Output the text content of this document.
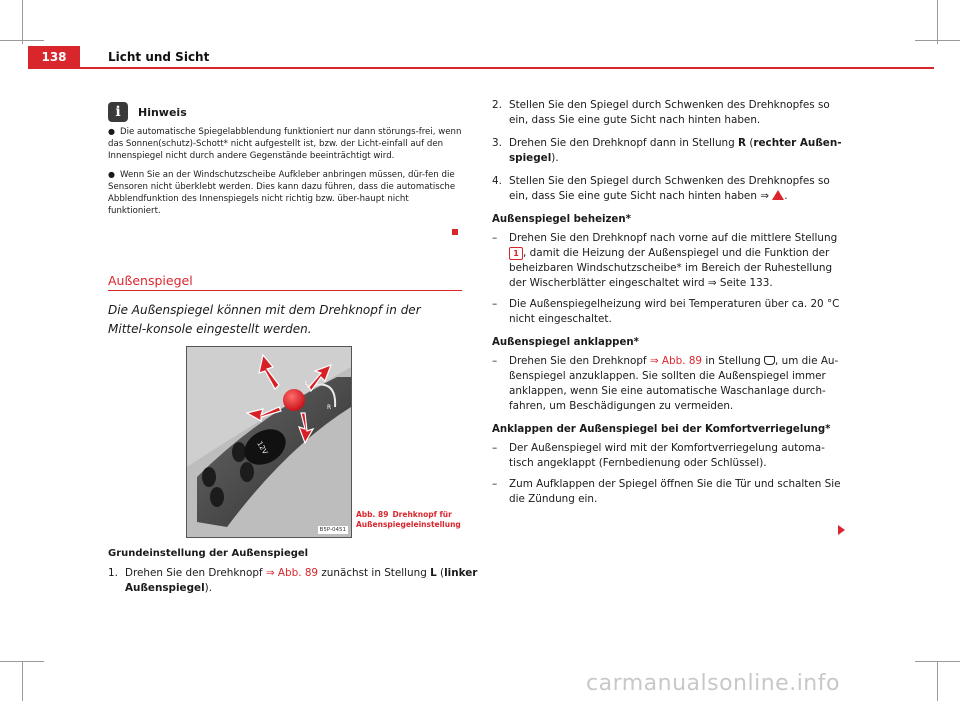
138	Licht und Sicht
i	Hinweis
● Die automatische Spiegelabblendung funktioniert nur dann störungs-frei, wenn das Sonnen(schutz)-Schott* nicht aufgestellt ist, bzw. der Licht-einfall auf den Innenspiegel nicht durch andere Gegenstände beeinträchtigt wird.
● Wenn Sie an der Windschutzscheibe Aufkleber anbringen müssen, dür-fen die Sensoren nicht überklebt werden. Dies kann dazu führen, dass die automatische Abblendfunktion des Innenspiegels nicht richtig bzw. über-haupt nicht funktioniert.
Außenspiegel
Die Außenspiegel können mit dem Drehknopf in der Mittel-konsole eingestellt werden.
12V
L
R
B5P-0451
Abb. 89 Drehknopf für Außenspiegeleinstellung
Grundeinstellung der Außenspiegel
1. Drehen Sie den Drehknopf ⇒ Abb. 89 zunächst in Stellung L (linker Außenspiegel).
2. Stellen Sie den Spiegel durch Schwenken des Drehknopfes so ein, dass Sie eine gute Sicht nach hinten haben.
3. Drehen Sie den Drehknopf dann in Stellung R (rechter Außen-spiegel).
4. Stellen Sie den Spiegel durch Schwenken des Drehknopfes so ein, dass Sie eine gute Sicht nach hinten haben ⇒ .
Außenspiegel beheizen*
– Drehen Sie den Drehknopf nach vorne auf die mittlere Stellung 1 , damit die Heizung der Außenspiegel und die Funktion der beheizbaren Windschutzscheibe* im Bereich der Ruhestellung der Wischerblätter eingeschaltet wird ⇒ Seite 133.
– Die Außenspiegelheizung wird bei Temperaturen über ca. 20 °C nicht eingeschaltet.
Außenspiegel anklappen*
– Drehen Sie den Drehknopf ⇒ Abb. 89 in Stellung , um die Au-ßenspiegel anzuklappen. Sie sollten die Außenspiegel immer anklappen, wenn Sie eine automatische Waschanlage durch-fahren, um Beschädigungen zu vermeiden.
Anklappen der Außenspiegel bei der Komfortverriegelung*
– Der Außenspiegel wird mit der Komfortverriegelung automa-tisch angeklappt (Fernbedienung oder Schlüssel).
– Zum Aufklappen der Spiegel öffnen Sie die Tür und schalten Sie die Zündung ein.
carmanualsonline.info
